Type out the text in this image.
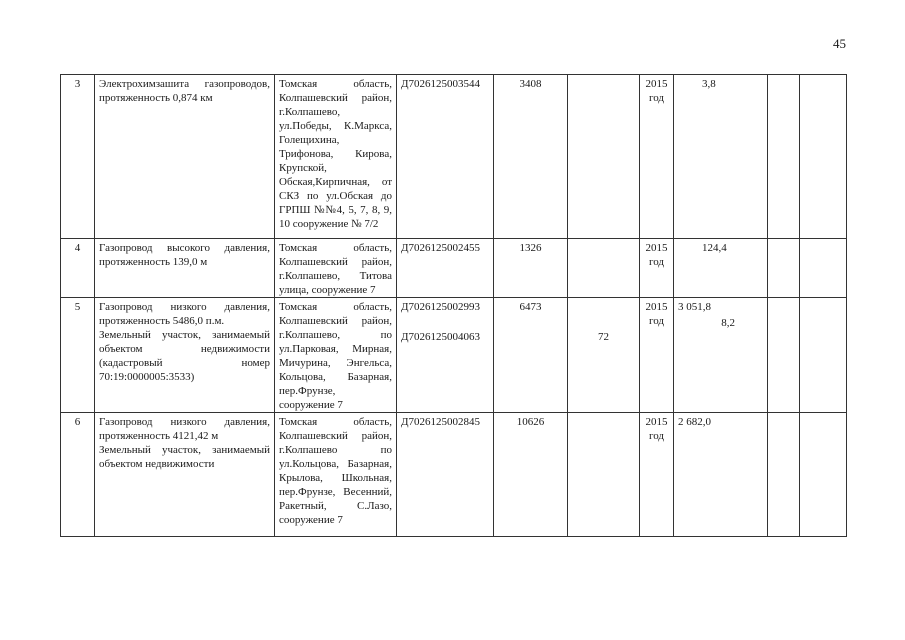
45
3	Электрохимзашита газопроводов, протяженность 0,874 км	Томская область, Колпашевский район, г.Колпашево, ул.Победы, К.Маркса, Голещихина, Трифонова, Кирова, Крупской, Обская,Кирпичная, от СКЗ по ул.Обская до ГРПШ №№4, 5, 7, 8, 9, 10 сооружение № 7/2	Д7026125003544	3408		2015
год	3,8		

4	Газопровод высокого давления, протяженность 139,0 м	Томская область, Колпашевский район, г.Колпашево, Титова улица, сооружение 7	Д7026125002455	1326		2015
год	124,4		

5	Газопровод низкого давления, протяженность 5486,0 п.м.
Земельный участок, занимаемый объектом недвижимости (кадастровый номер 70:19:0000005:3533)	Томская область, Колпашевский район, г.Колпашево, по ул.Парковая, Мирная, Мичурина, Энгельса, Кольцова, Базарная, пер.Фрунзе, сооружение 7	Д7026125002993
Д7026125004063	6473	72	2015
год	3 051,8
8,2		

6	Газопровод низкого давления, протяженность 4121,42 м
Земельный участок, занимаемый объектом недвижимости	Томская область, Колпашевский район, г.Колпашево по ул.Кольцова, Базарная, Крылова, Школьная, пер.Фрунзе, Весенний, Ракетный, С.Лазо, сооружение 7	Д7026125002845	10626		2015
год	2 682,0		
